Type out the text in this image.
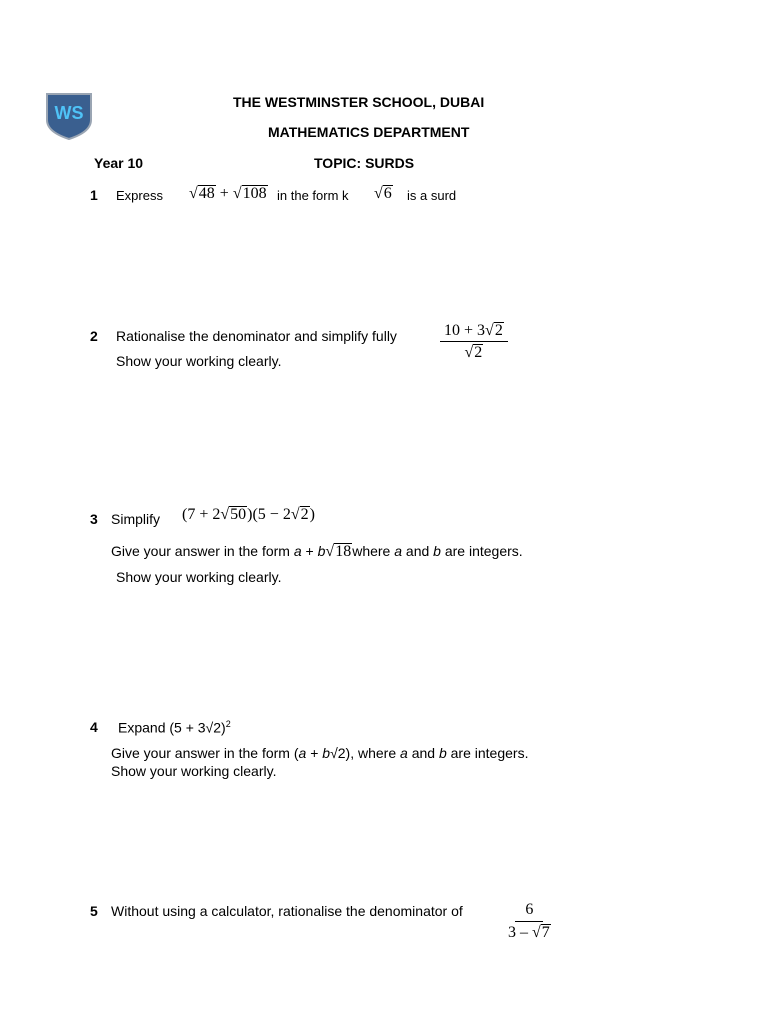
WS
THE WESTMINSTER SCHOOL, DUBAI
MATHEMATICS DEPARTMENT
Year 10	TOPIC: SURDS
1 Express √48 + √108 in the form k √6 is a surd
2 Rationalise the denominator and simplify fully
Show your working clearly.	$\frac{10 + 3√2}{√2}$
3 Simplify (7 + 2√50)(5 − 2√2)
Give your answer in the form a + b√18where a and b are integers.
Show your working clearly.
4 Expand $(5 + 3√2)^2$
Give your answer in the form (a + b√2), where a and b are integers.
Show your working clearly.
5 Without using a calculator, rationalise the denominator of	$\frac{6}{3 - √7}$
